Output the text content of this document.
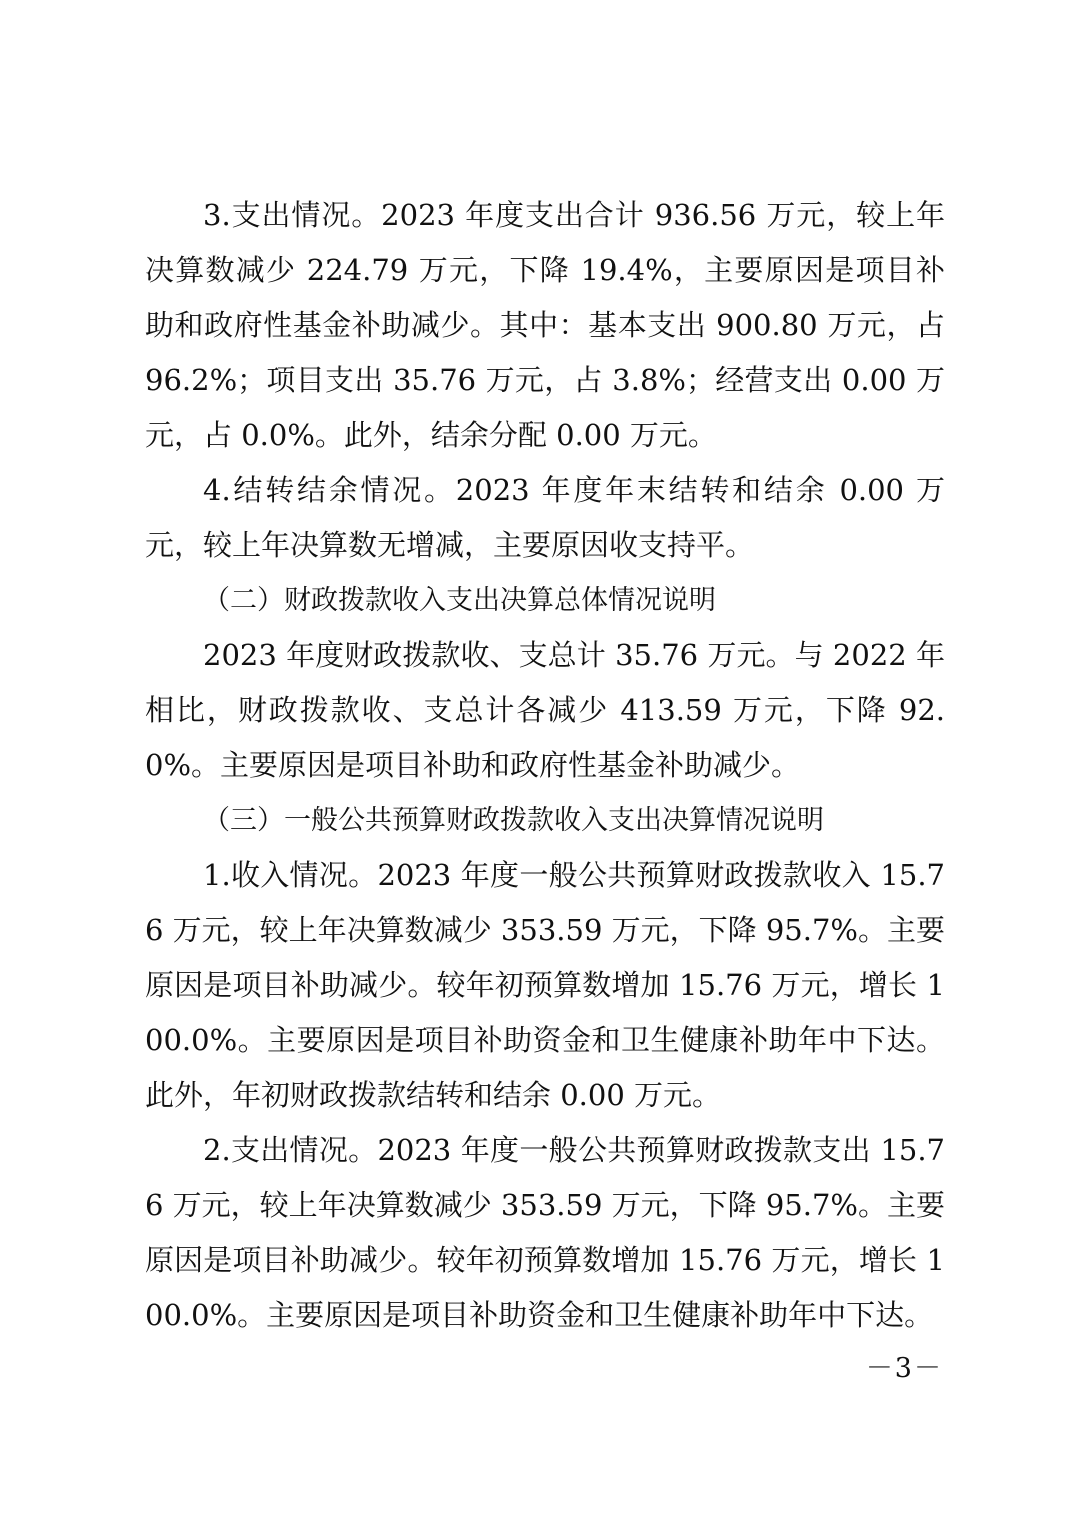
3.支出情况。2023 年度支出合计 936.56 万元，较上年决算数减少 224.79 万元，下降 19.4%，主要原因是项目补助和政府性基金补助减少。其中：基本支出 900.80 万元，占 96.2%；项目支出 35.76 万元，占 3.8%；经营支出 0.00 万元，占 0.0%。此外，结余分配 0.00 万元。

4.结转结余情况。2023 年度年末结转和结余 0.00 万元，较上年决算数无增减，主要原因收支持平。

（二）财政拨款收入支出决算总体情况说明

2023 年度财政拨款收、支总计 35.76 万元。与 2022 年相比，财政拨款收、支总计各减少 413.59 万元，下降 92.0%。主要原因是项目补助和政府性基金补助减少。

（三）一般公共预算财政拨款收入支出决算情况说明

1.收入情况。2023 年度一般公共预算财政拨款收入 15.76 万元，较上年决算数减少 353.59 万元，下降 95.7%。主要原因是项目补助减少。较年初预算数增加 15.76 万元，增长 100.0%。主要原因是项目补助资金和卫生健康补助年中下达。此外，年初财政拨款结转和结余 0.00 万元。

2.支出情况。2023 年度一般公共预算财政拨款支出 15.76 万元，较上年决算数减少 353.59 万元，下降 95.7%。主要原因是项目补助减少。较年初预算数增加 15.76 万元，增长 100.0%。主要原因是项目补助资金和卫生健康补助年中下达。

－3－
